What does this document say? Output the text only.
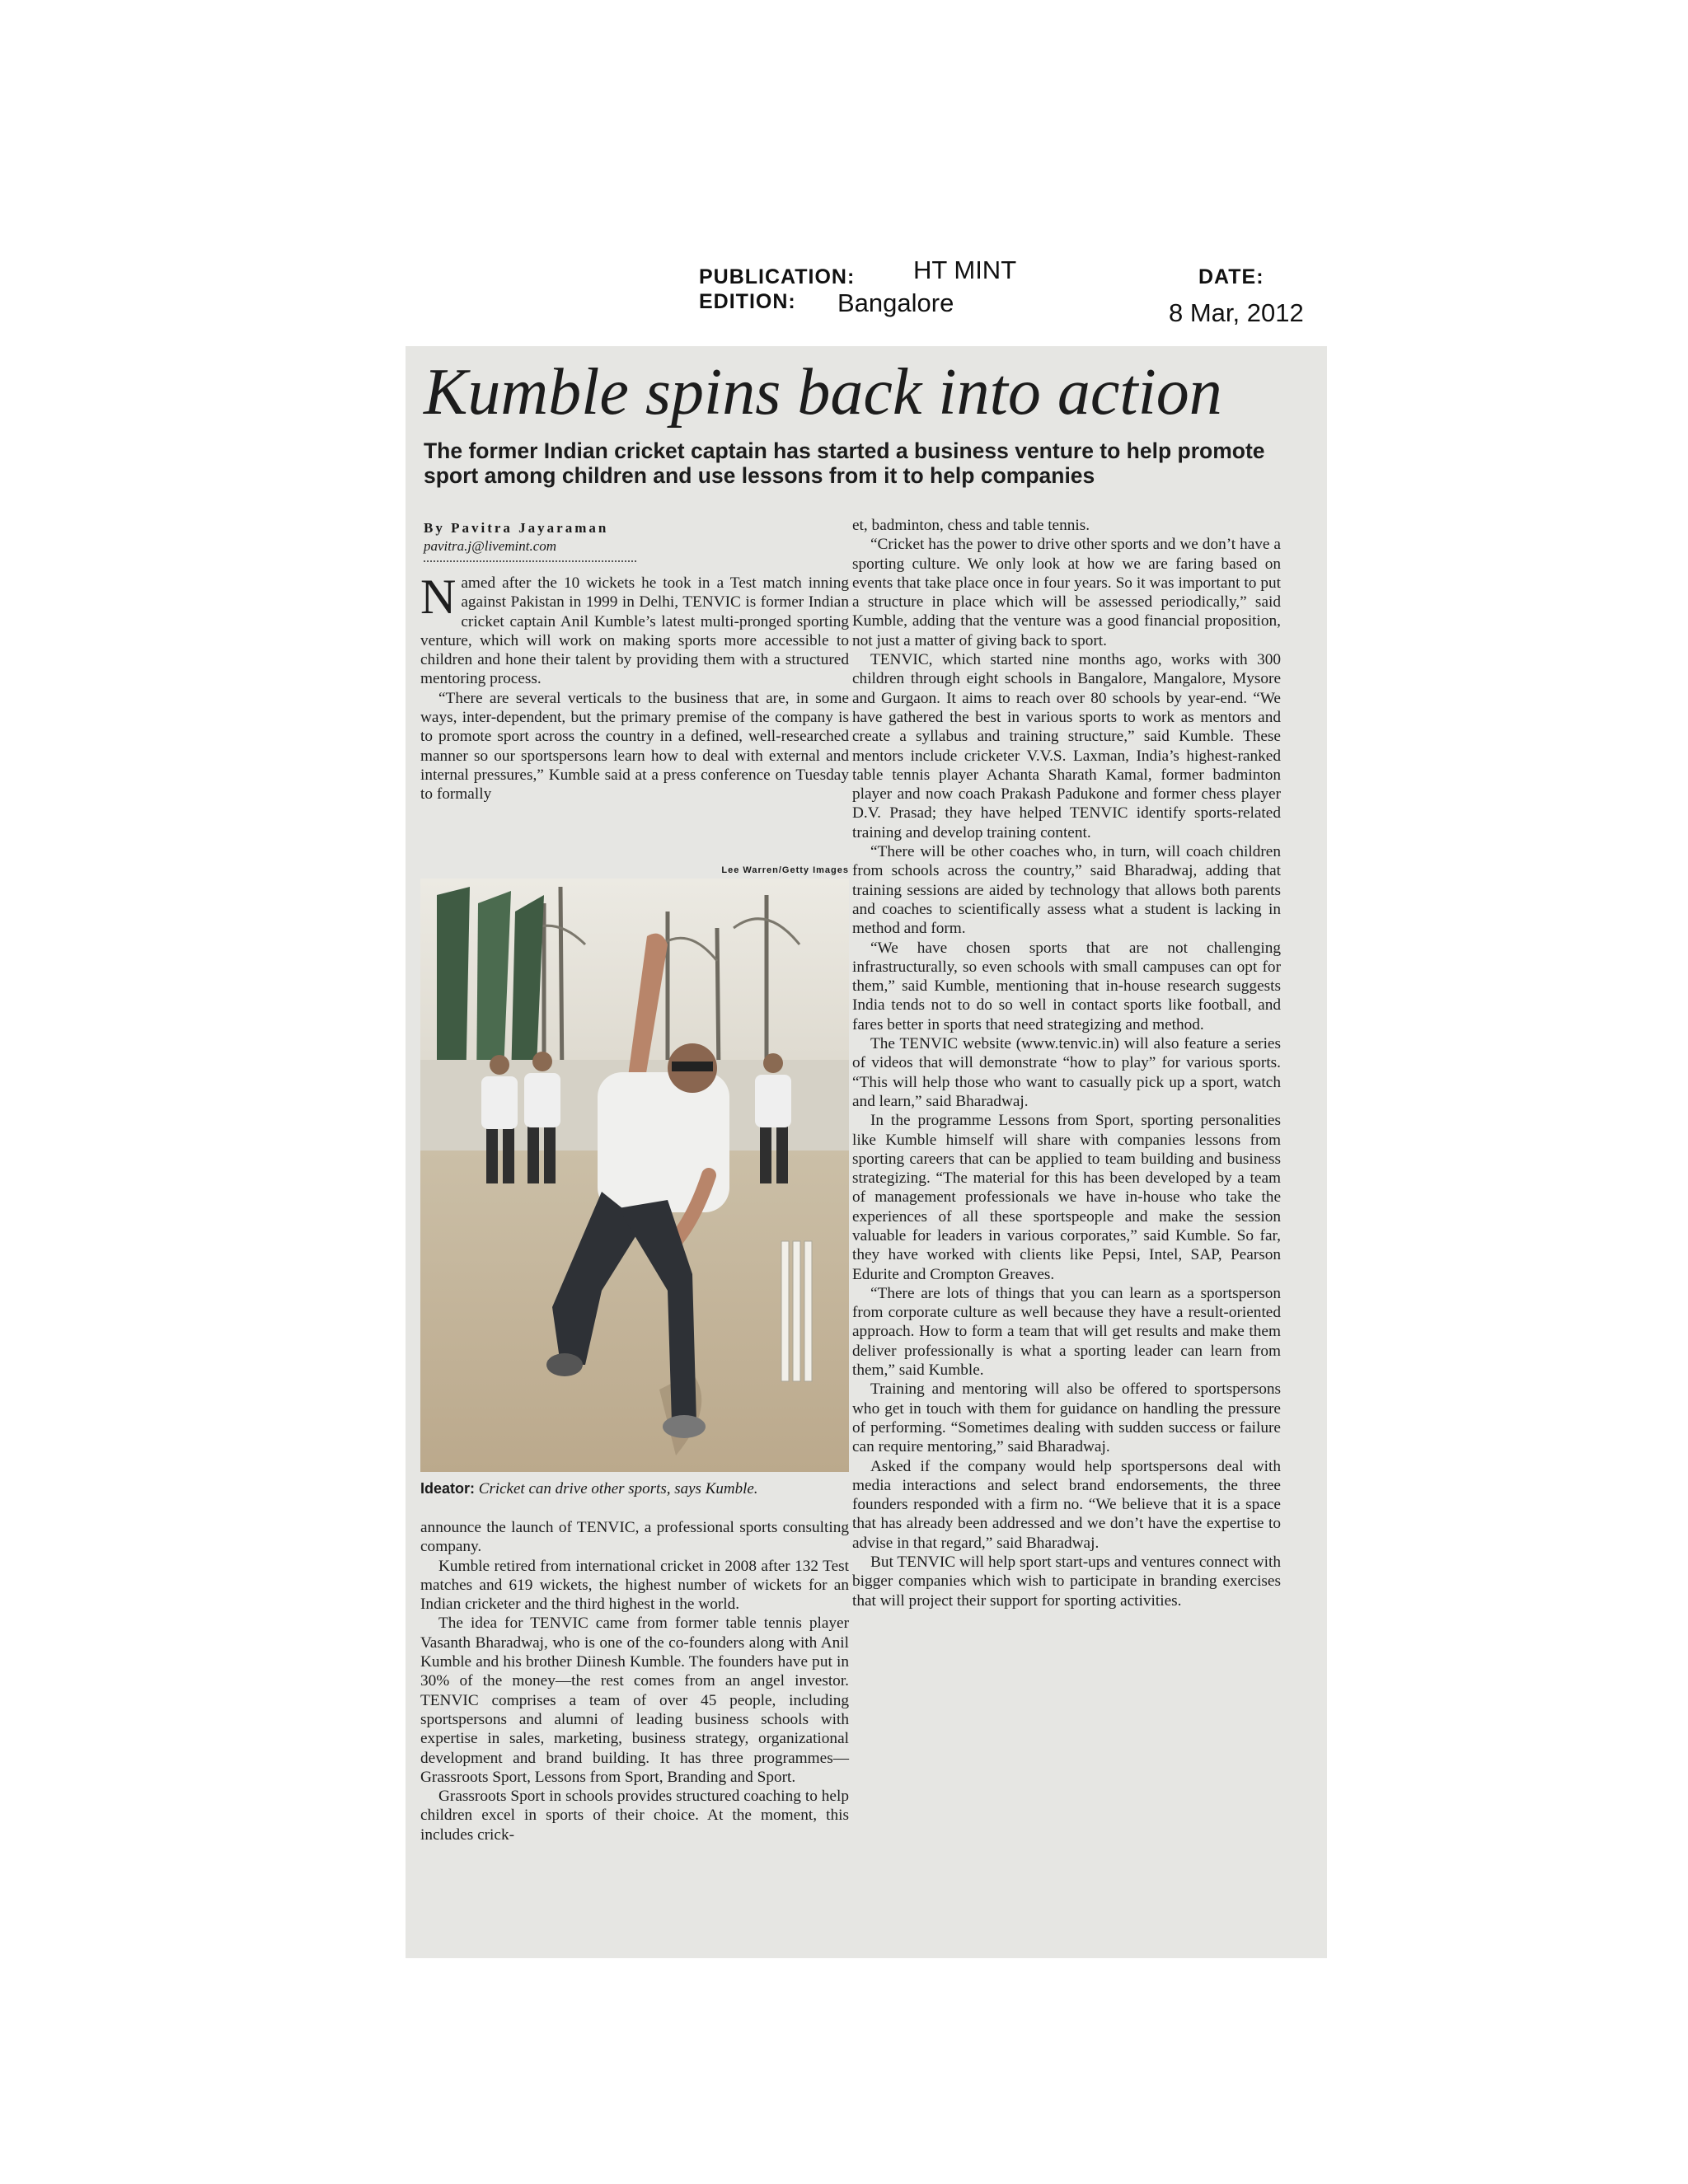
PUBLICATION: HT MINT
EDITION: Bangalore
DATE:
8 Mar, 2012
Kumble spins back into action
The former Indian cricket captain has started a business venture to help promote sport among children and use lessons from it to help companies
By Pavitra Jayaraman
pavitra.j@livemint.com

Named after the 10 wickets he took in a Test match inning against Pakistan in 1999 in Delhi, TENVIC is former Indian cricket captain Anil Kumble’s latest multi-pronged sporting venture, which will work on making sports more accessible to children and hone their talent by providing them with a structured mentoring process.

“There are several verticals to the business that are, in some ways, inter-dependent, but the primary premise of the company is to promote sport across the country in a defined, well-researched manner so our sportspersons learn how to deal with external and internal pressures,” Kumble said at a press conference on Tuesday to formally

Lee Warren/Getty Images
Ideator: Cricket can drive other sports, says Kumble.

announce the launch of TENVIC, a professional sports consulting company.

Kumble retired from international cricket in 2008 after 132 Test matches and 619 wickets, the highest number of wickets for an Indian cricketer and the third highest in the world.

The idea for TENVIC came from former table tennis player Vasanth Bharadwaj, who is one of the co-founders along with Anil Kumble and his brother Diinesh Kumble. The founders have put in 30% of the money—the rest comes from an angel investor. TENVIC comprises a team of over 45 people, including sportspersons and alumni of leading business schools with expertise in sales, marketing, business strategy, organizational development and brand building. It has three programmes—Grassroots Sport, Lessons from Sport, Branding and Sport.

Grassroots Sport in schools provides structured coaching to help children excel in sports of their choice. At the moment, this includes crick-

et, badminton, chess and table tennis.

“Cricket has the power to drive other sports and we don’t have a sporting culture. We only look at how we are faring based on events that take place once in four years. So it was important to put a structure in place which will be assessed periodically,” said Kumble, adding that the venture was a good financial proposition, not just a matter of giving back to sport.

TENVIC, which started nine months ago, works with 300 children through eight schools in Bangalore, Mangalore, Mysore and Gurgaon. It aims to reach over 80 schools by year-end. “We have gathered the best in various sports to work as mentors and create a syllabus and training structure,” said Kumble. These mentors include cricketer V.V.S. Laxman, India’s highest-ranked table tennis player Achanta Sharath Kamal, former badminton player and now coach Prakash Padukone and former chess player D.V. Prasad; they have helped TENVIC identify sports-related training and develop training content.

“There will be other coaches who, in turn, will coach children from schools across the country,” said Bharadwaj, adding that training sessions are aided by technology that allows both parents and coaches to scientifically assess what a student is lacking in method and form.

“We have chosen sports that are not challenging infrastructurally, so even schools with small campuses can opt for them,” said Kumble, mentioning that in-house research suggests India tends not to do so well in contact sports like football, and fares better in sports that need strategizing and method.

The TENVIC website (www.tenvic.in) will also feature a series of videos that will demonstrate “how to play” for various sports. “This will help those who want to casually pick up a sport, watch and learn,” said Bharadwaj.

In the programme Lessons from Sport, sporting personalities like Kumble himself will share with companies lessons from sporting careers that can be applied to team building and business strategizing. “The material for this has been developed by a team of management professionals we have in-house who take the experiences of all these sportspeople and make the session valuable for leaders in various corporates,” said Kumble. So far, they have worked with clients like Pepsi, Intel, SAP, Pearson Edurite and Crompton Greaves.

“There are lots of things that you can learn as a sportsperson from corporate culture as well because they have a result-oriented approach. How to form a team that will get results and make them deliver professionally is what a sporting leader can learn from them,” said Kumble.

Training and mentoring will also be offered to sportspersons who get in touch with them for guidance on handling the pressure of performing. “Sometimes dealing with sudden success or failure can require mentoring,” said Bharadwaj.

Asked if the company would help sportspersons deal with media interactions and select brand endorsements, the three founders responded with a firm no. “We believe that it is a space that has already been addressed and we don’t have the expertise to advise in that regard,” said Bharadwaj.

But TENVIC will help sport start-ups and ventures connect with bigger companies which wish to participate in branding exercises that will project their support for sporting activities.
